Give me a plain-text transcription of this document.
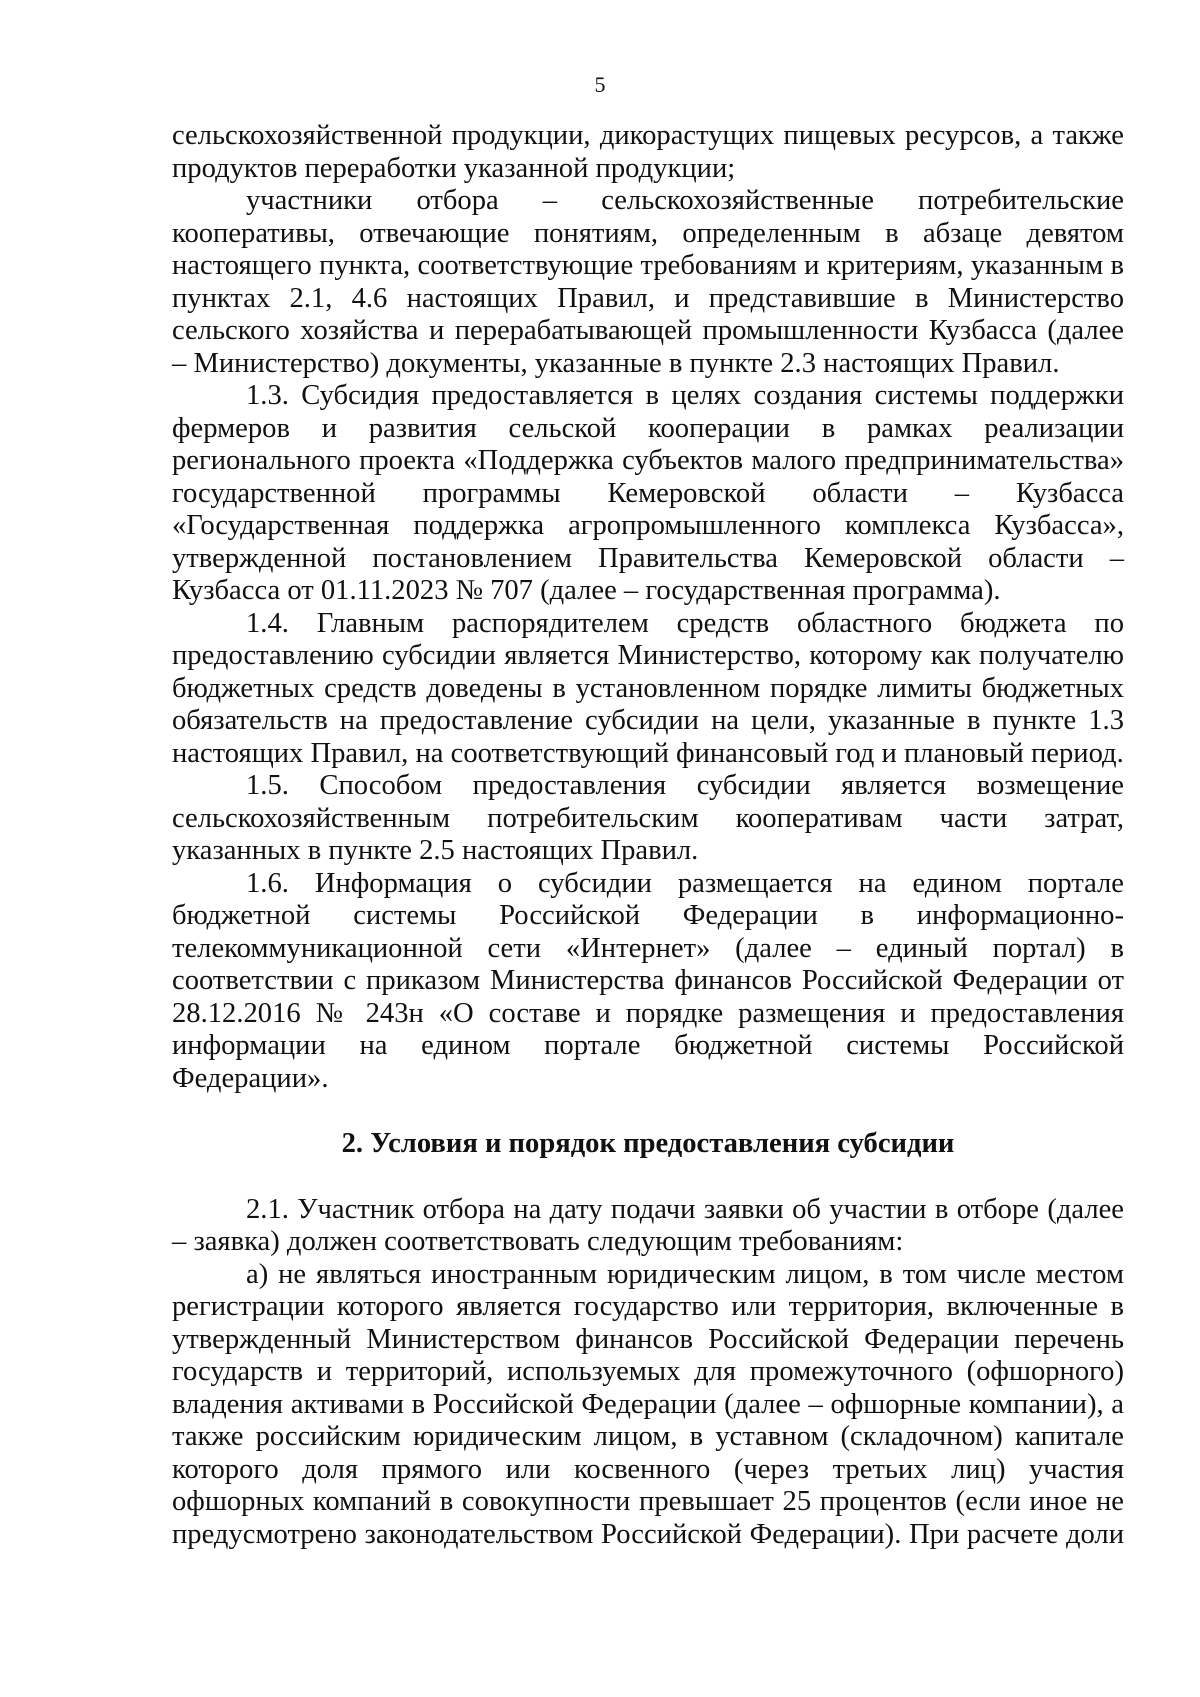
5

сельскохозяйственной продукции, дикорастущих пищевых ресурсов, а также продуктов переработки указанной продукции;

участники отбора – сельскохозяйственные потребительские кооперативы, отвечающие понятиям, определенным в абзаце девятом настоящего пункта, соответствующие требованиям и критериям, указанным в пунктах 2.1, 4.6 настоящих Правил, и представившие в Министерство сельского хозяйства и перерабатывающей промышленности Кузбасса (далее – Министерство) документы, указанные в пункте 2.3 настоящих Правил.

1.3. Субсидия предоставляется в целях создания системы поддержки фермеров и развития сельской кооперации в рамках реализации регионального проекта «Поддержка субъектов малого предпринимательства» государственной программы Кемеровской области – Кузбасса «Государственная поддержка агропромышленного комплекса Кузбасса», утвержденной постановлением Правительства Кемеровской области – Кузбасса от 01.11.2023 № 707 (далее – государственная программа).

1.4. Главным распорядителем средств областного бюджета по предоставлению субсидии является Министерство, которому как получателю бюджетных средств доведены в установленном порядке лимиты бюджетных обязательств на предоставление субсидии на цели, указанные в пункте 1.3 настоящих Правил, на соответствующий финансовый год и плановый период.

1.5. Способом предоставления субсидии является возмещение сельскохозяйственным потребительским кооперативам части затрат, указанных в пункте 2.5 настоящих Правил.

1.6. Информация о субсидии размещается на едином портале бюджетной системы Российской Федерации в информационно-телекоммуникационной сети «Интернет» (далее – единый портал) в соответствии с приказом Министерства финансов Российской Федерации от 28.12.2016 № 243н «О составе и порядке размещения и предоставления информации на едином портале бюджетной системы Российской Федерации».

2. Условия и порядок предоставления субсидии

2.1. Участник отбора на дату подачи заявки об участии в отборе (далее – заявка) должен соответствовать следующим требованиям:

а) не являться иностранным юридическим лицом, в том числе местом регистрации которого является государство или территория, включенные в утвержденный Министерством финансов Российской Федерации перечень государств и территорий, используемых для промежуточного (офшорного) владения активами в Российской Федерации (далее – офшорные компании), а также российским юридическим лицом, в уставном (складочном) капитале которого доля прямого или косвенного (через третьих лиц) участия офшорных компаний в совокупности превышает 25 процентов (если иное не предусмотрено законодательством Российской Федерации). При расчете доли
